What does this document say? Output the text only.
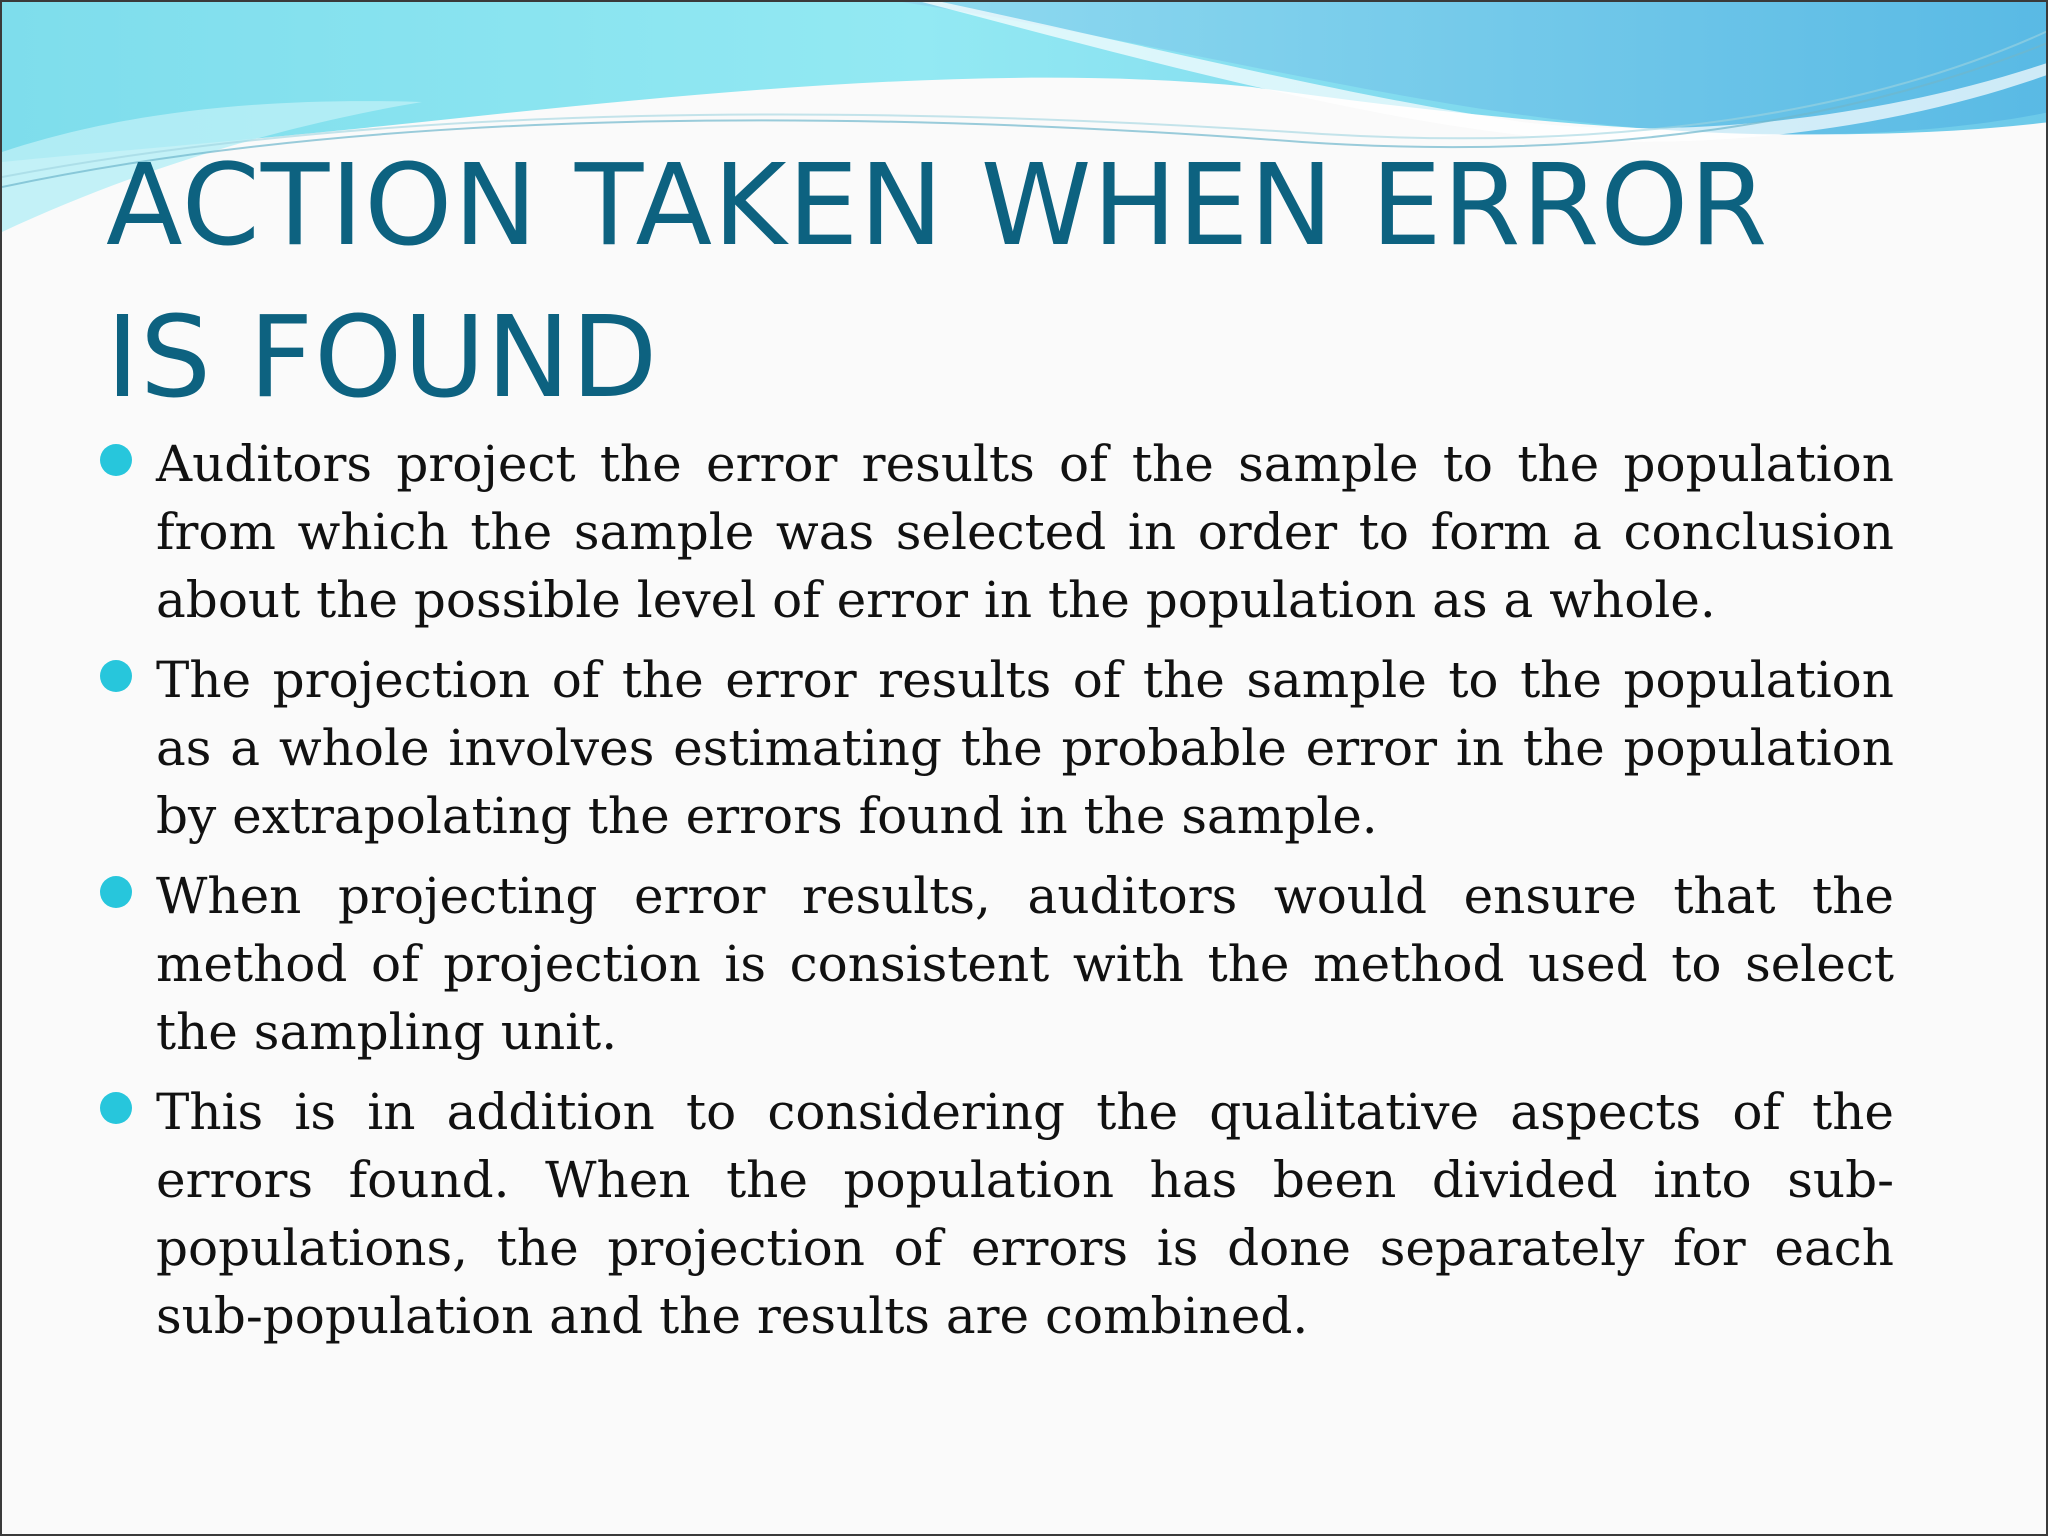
ACTION TAKEN WHEN ERROR IS FOUND
Auditors project the error results of the sample to the population from which the sample was selected in order to form a conclusion about the possible level of error in the population as a whole.
The projection of the error results of the sample to the population as a whole involves estimating the probable error in the population by extrapolating the errors found in the sample.
When projecting error results, auditors would ensure that the method of projection is consistent with the method used to select the sampling unit.
This is in addition to considering the qualitative aspects of the errors found. When the population has been divided into sub-populations, the projection of errors is done separately for each sub-population and the results are combined.
